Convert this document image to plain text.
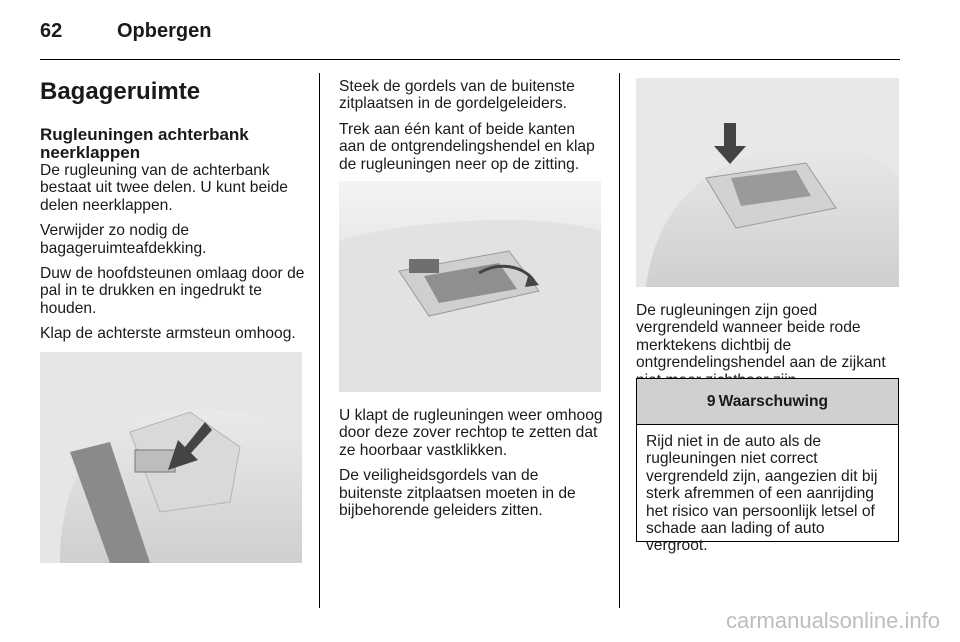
62	Opbergen
Bagageruimte
Rugleuningen achterbank neerklappen

De rugleuning van de achterbank bestaat uit twee delen. U kunt beide delen neerklappen.

Verwijder zo nodig de bagageruimteafdekking.

Duw de hoofdsteunen omlaag door de pal in te drukken en ingedrukt te houden.

Klap de achterste armsteun omhoog.

Steek de gordels van de buitenste zitplaatsen in de gordelgeleiders.

Trek aan één kant of beide kanten aan de ontgrendelingshendel en klap de rugleuningen neer op de zitting.

U klapt de rugleuningen weer omhoog door deze zover rechtop te zetten dat ze hoorbaar vastklikken.

De veiligheidsgordels van de buitenste zitplaatsen moeten in de bijbehorende geleiders zitten.

De rugleuningen zijn goed vergrendeld wanneer beide rode merktekens dichtbij de ontgrendelingshendel aan de zijkant

9 Waarschuwing
Rijd niet in de auto als de rugleuningen niet correct vergrendeld zijn, aangezien dit bij sterk afremmen of een aanrijding het risico van persoonlijk letsel of schade aan lading of auto vergroot.
carmanualsonline.info
